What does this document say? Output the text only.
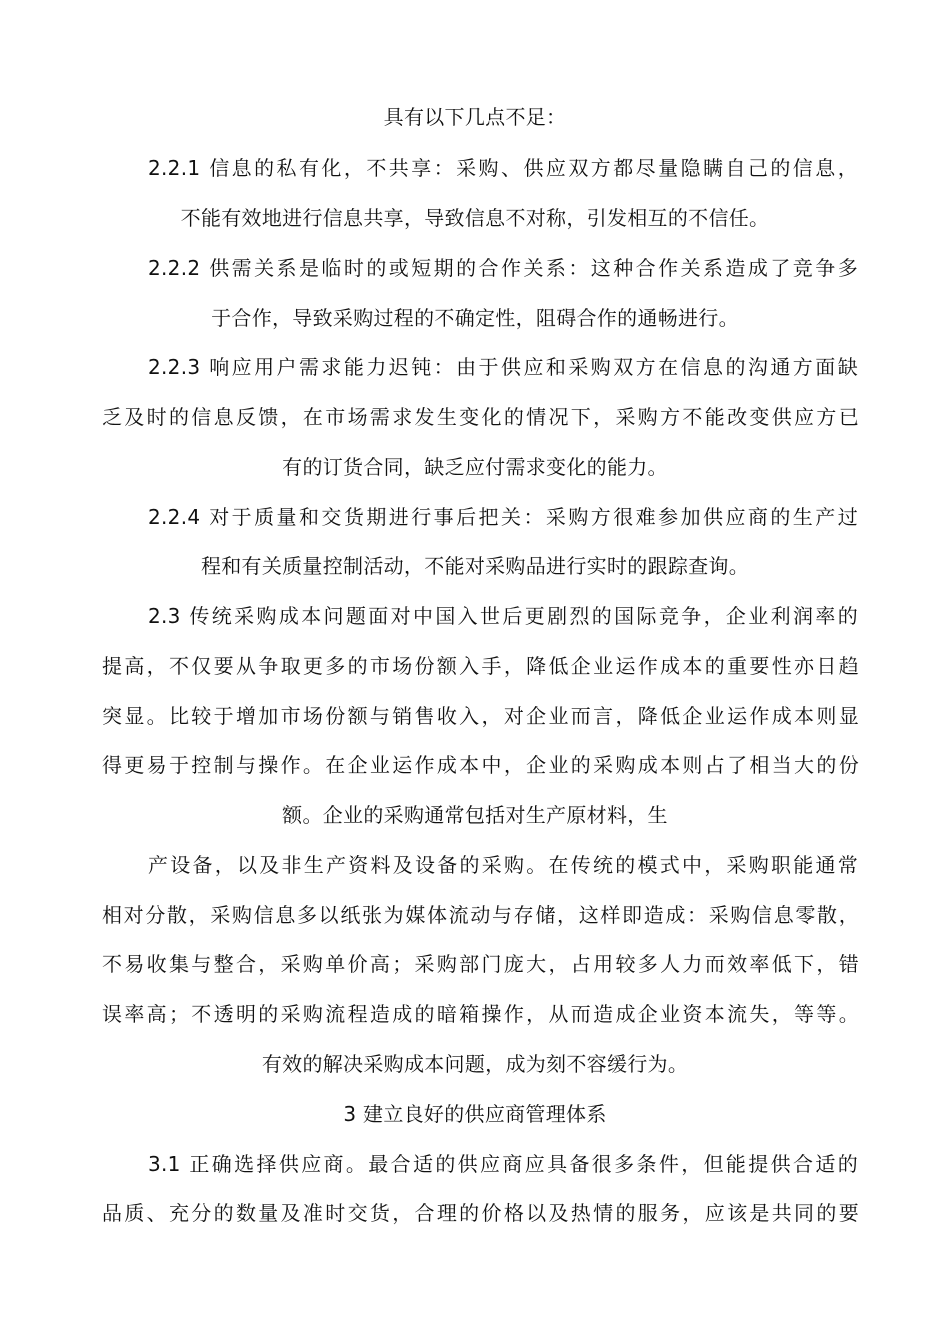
具有以下几点不足：
2.2.1 信息的私有化，不共享：采购、供应双方都尽量隐瞒自己的信息，
不能有效地进行信息共享，导致信息不对称，引发相互的不信任。
2.2.2 供需关系是临时的或短期的合作关系：这种合作关系造成了竞争多
于合作，导致采购过程的不确定性，阻碍合作的通畅进行。
2.2.3 响应用户需求能力迟钝：由于供应和采购双方在信息的沟通方面缺
乏及时的信息反馈，在市场需求发生变化的情况下，采购方不能改变供应方已
有的订货合同，缺乏应付需求变化的能力。
2.2.4 对于质量和交货期进行事后把关：采购方很难参加供应商的生产过
程和有关质量控制活动，不能对采购品进行实时的跟踪查询。
2.3 传统采购成本问题面对中国入世后更剧烈的国际竞争，企业利润率的
提高，不仅要从争取更多的市场份额入手，降低企业运作成本的重要性亦日趋
突显。比较于增加市场份额与销售收入，对企业而言，降低企业运作成本则显
得更易于控制与操作。在企业运作成本中，企业的采购成本则占了相当大的份
额。企业的采购通常包括对生产原材料，生
产设备，以及非生产资料及设备的采购。在传统的模式中，采购职能通常
相对分散，采购信息多以纸张为媒体流动与存储，这样即造成：采购信息零散，
不易收集与整合，采购单价高；采购部门庞大，占用较多人力而效率低下，错
误率高；不透明的采购流程造成的暗箱操作，从而造成企业资本流失，等等。
有效的解决采购成本问题，成为刻不容缓行为。
3 建立良好的供应商管理体系
3.1 正确选择供应商。最合适的供应商应具备很多条件，但能提供合适的
品质、充分的数量及准时交货，合理的价格以及热情的服务，应该是共同的要
